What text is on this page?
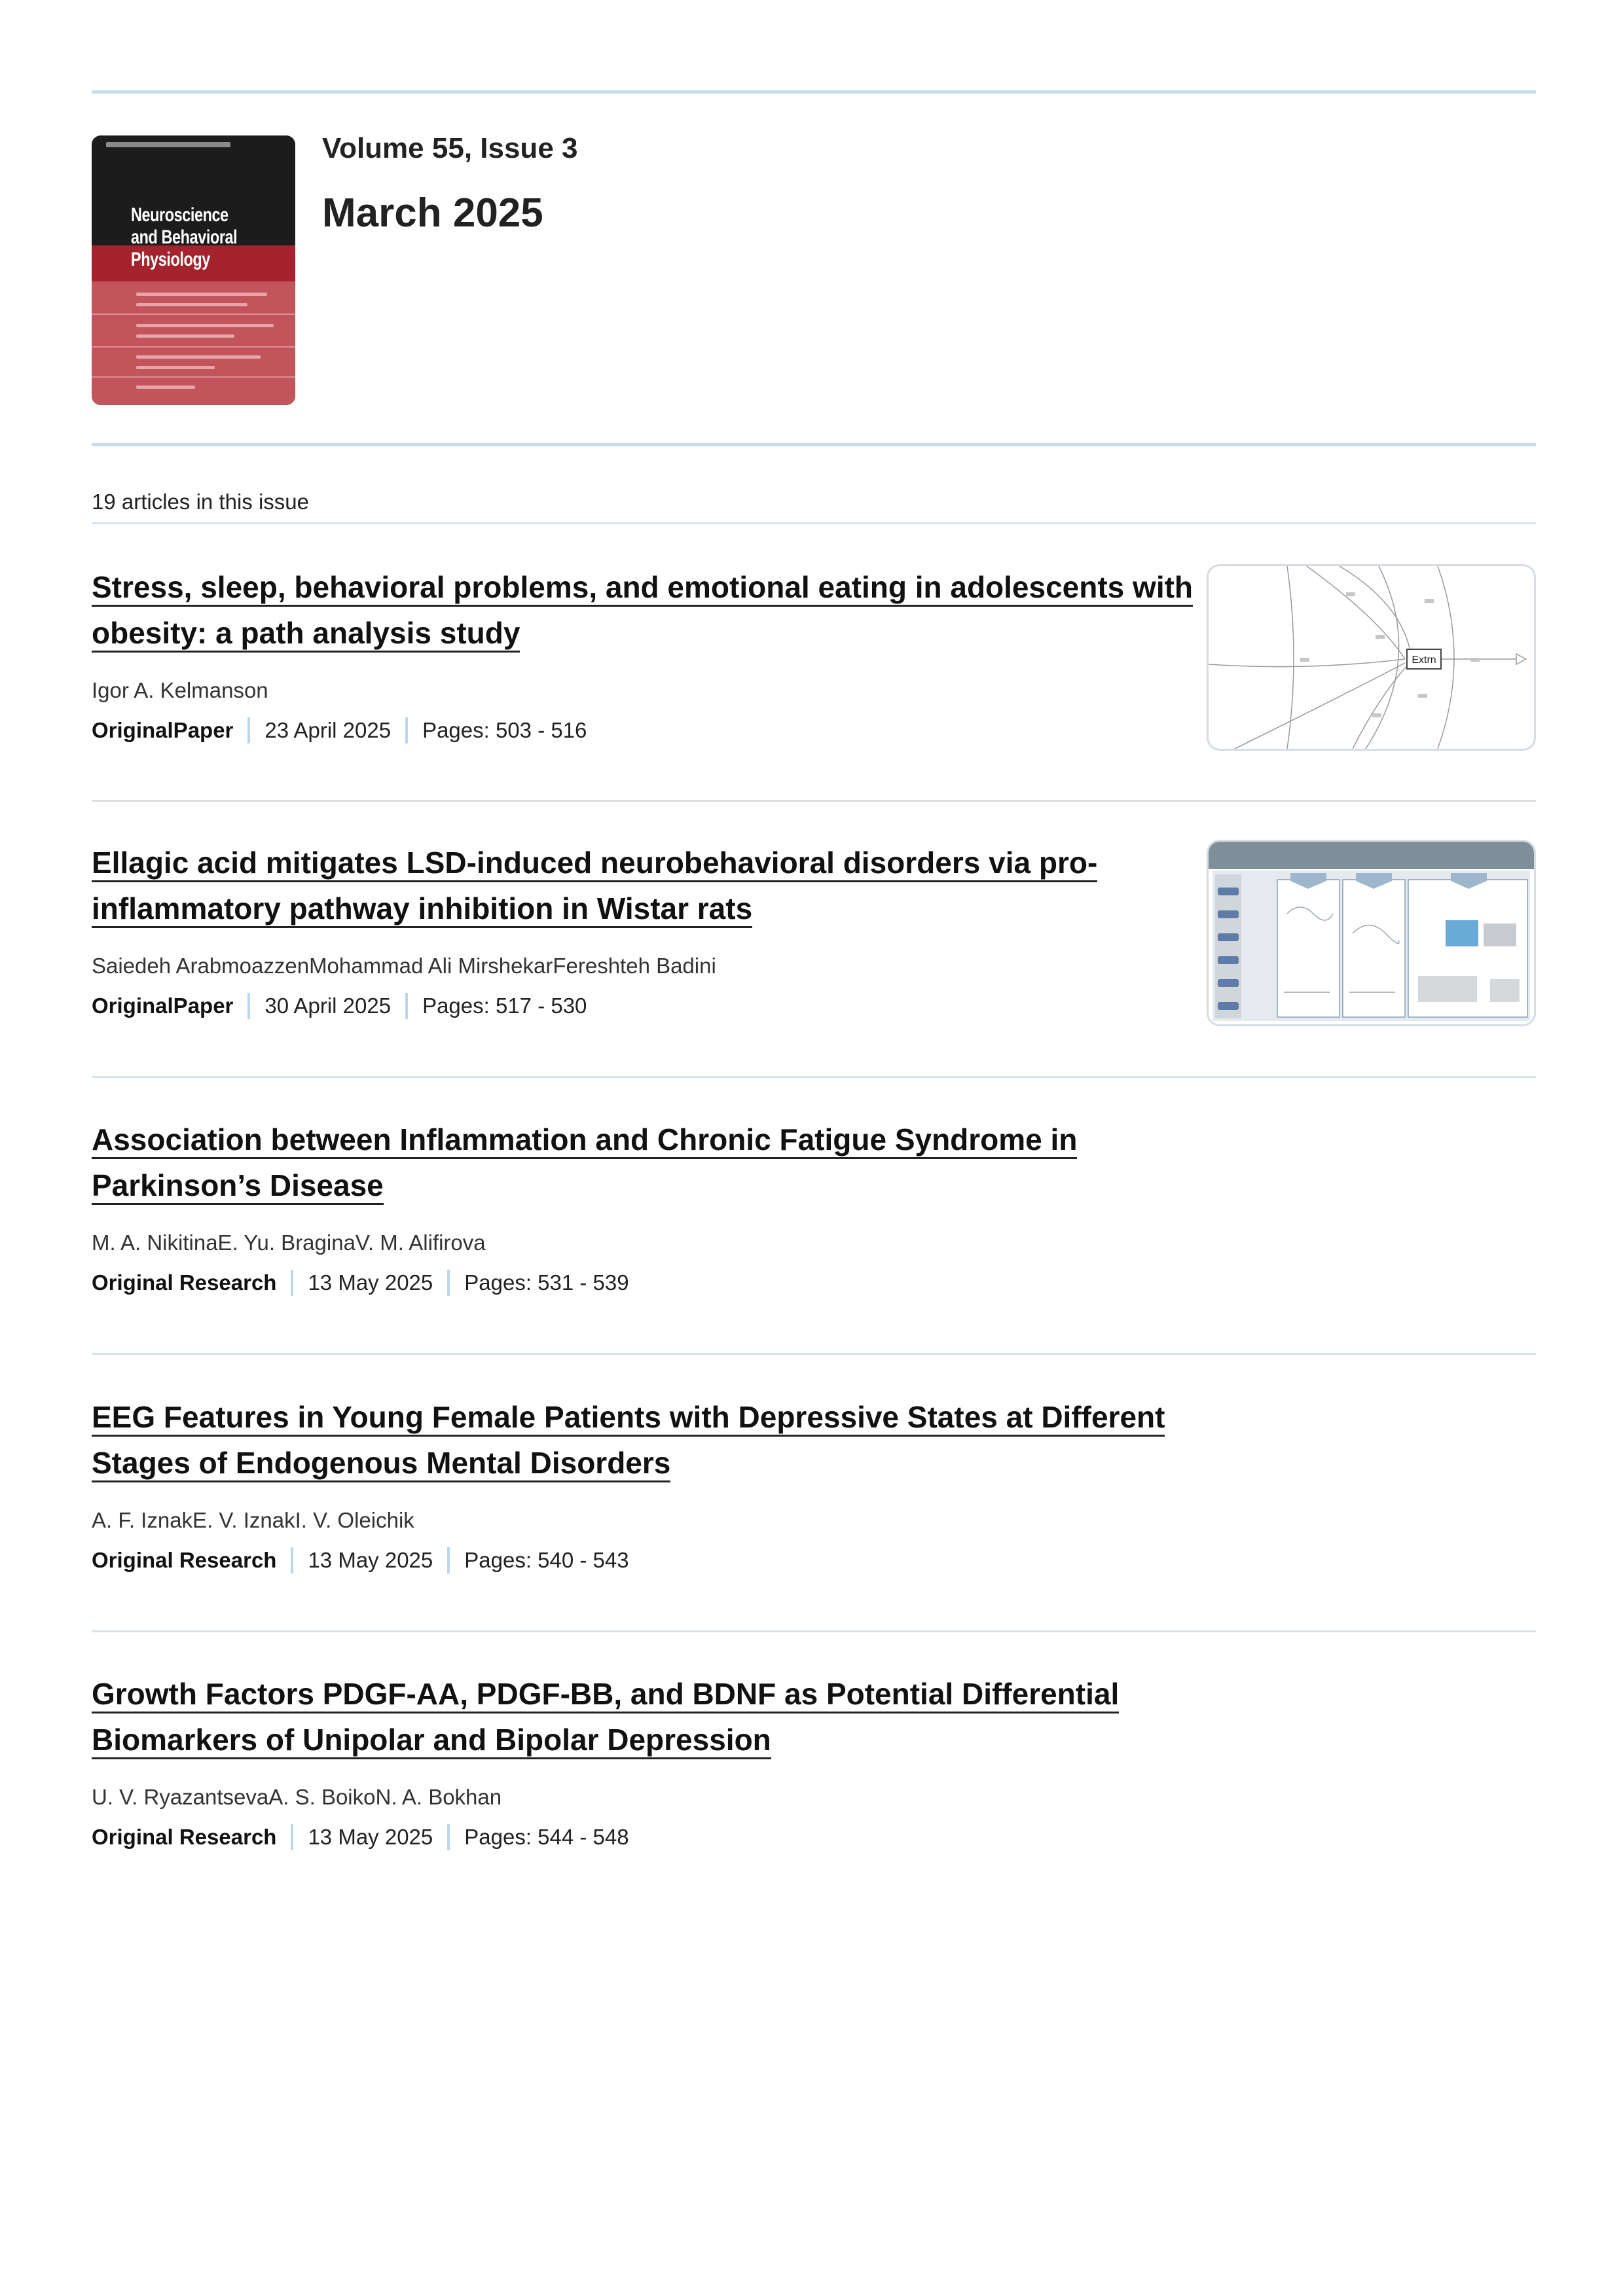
Neuroscience and Behavioral Physiology
Volume 55, Issue 3
March 2025
19 articles in this issue
Stress, sleep, behavioral problems, and emotional eating in adolescents with obesity: a path analysis study
Igor A. Kelmanson
OriginalPaper 23 April 2025 Pages: 503 - 516
Extrn
Ellagic acid mitigates LSD-induced neurobehavioral disorders via pro-inflammatory pathway inhibition in Wistar rats
Saiedeh ArabmoazzenMohammad Ali MirshekarFereshteh Badini
OriginalPaper 30 April 2025 Pages: 517 - 530
Association between Inflammation and Chronic Fatigue Syndrome in Parkinson’s Disease
M. A. NikitinaE. Yu. BraginaV. M. Alifirova
Original Research 13 May 2025 Pages: 531 - 539
EEG Features in Young Female Patients with Depressive States at Different Stages of Endogenous Mental Disorders
A. F. IznakE. V. IznakI. V. Oleichik
Original Research 13 May 2025 Pages: 540 - 543
Growth Factors PDGF-AA, PDGF-BB, and BDNF as Potential Differential Biomarkers of Unipolar and Bipolar Depression
U. V. RyazantsevaA. S. BoikoN. A. Bokhan
Original Research 13 May 2025 Pages: 544 - 548
